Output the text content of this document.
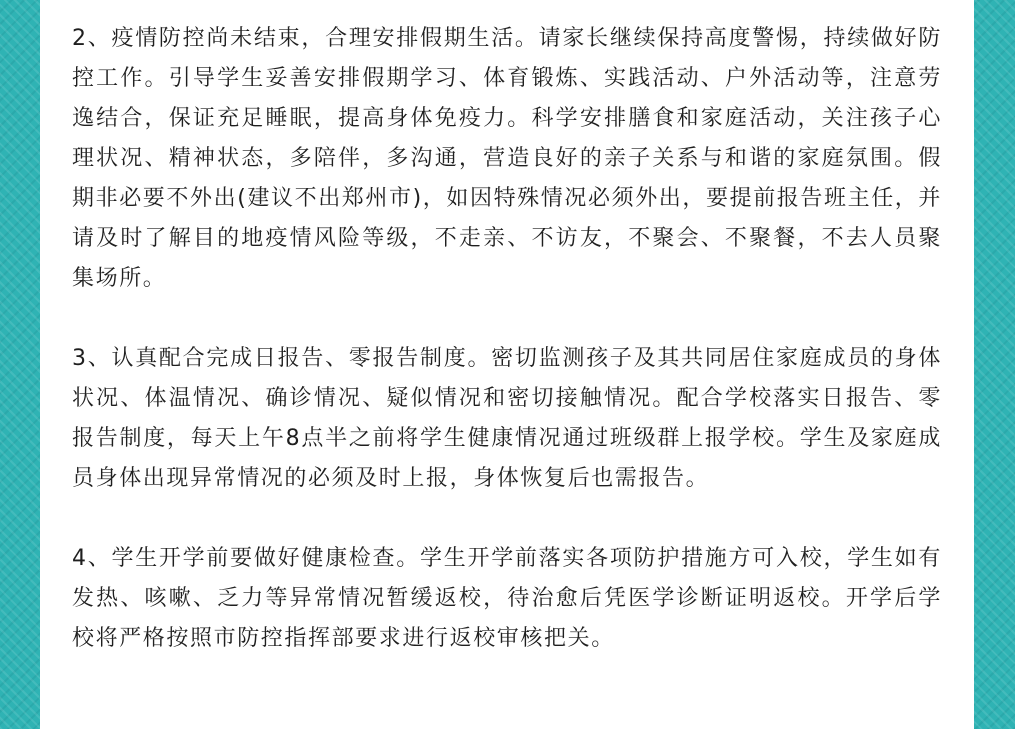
2、疫情防控尚未结束，合理安排假期生活。请家长继续保持高度警惕，持续做好防控工作。引导学生妥善安排假期学习、体育锻炼、实践活动、户外活动等，注意劳逸结合，保证充足睡眠，提高身体免疫力。科学安排膳食和家庭活动，关注孩子心理状况、精神状态，多陪伴，多沟通，营造良好的亲子关系与和谐的家庭氛围。假期非必要不外出(建议不出郑州市)，如因特殊情况必须外出，要提前报告班主任，并请及时了解目的地疫情风险等级，不走亲、不访友，不聚会、不聚餐，不去人员聚集场所。

3、认真配合完成日报告、零报告制度。密切监测孩子及其共同居住家庭成员的身体状况、体温情况、确诊情况、疑似情况和密切接触情况。配合学校落实日报告、零报告制度，每天上午8点半之前将学生健康情况通过班级群上报学校。学生及家庭成员身体出现异常情况的必须及时上报，身体恢复后也需报告。

4、学生开学前要做好健康检查。学生开学前落实各项防护措施方可入校，学生如有发热、咳嗽、乏力等异常情况暂缓返校，待治愈后凭医学诊断证明返校。开学后学校将严格按照市防控指挥部要求进行返校审核把关。
